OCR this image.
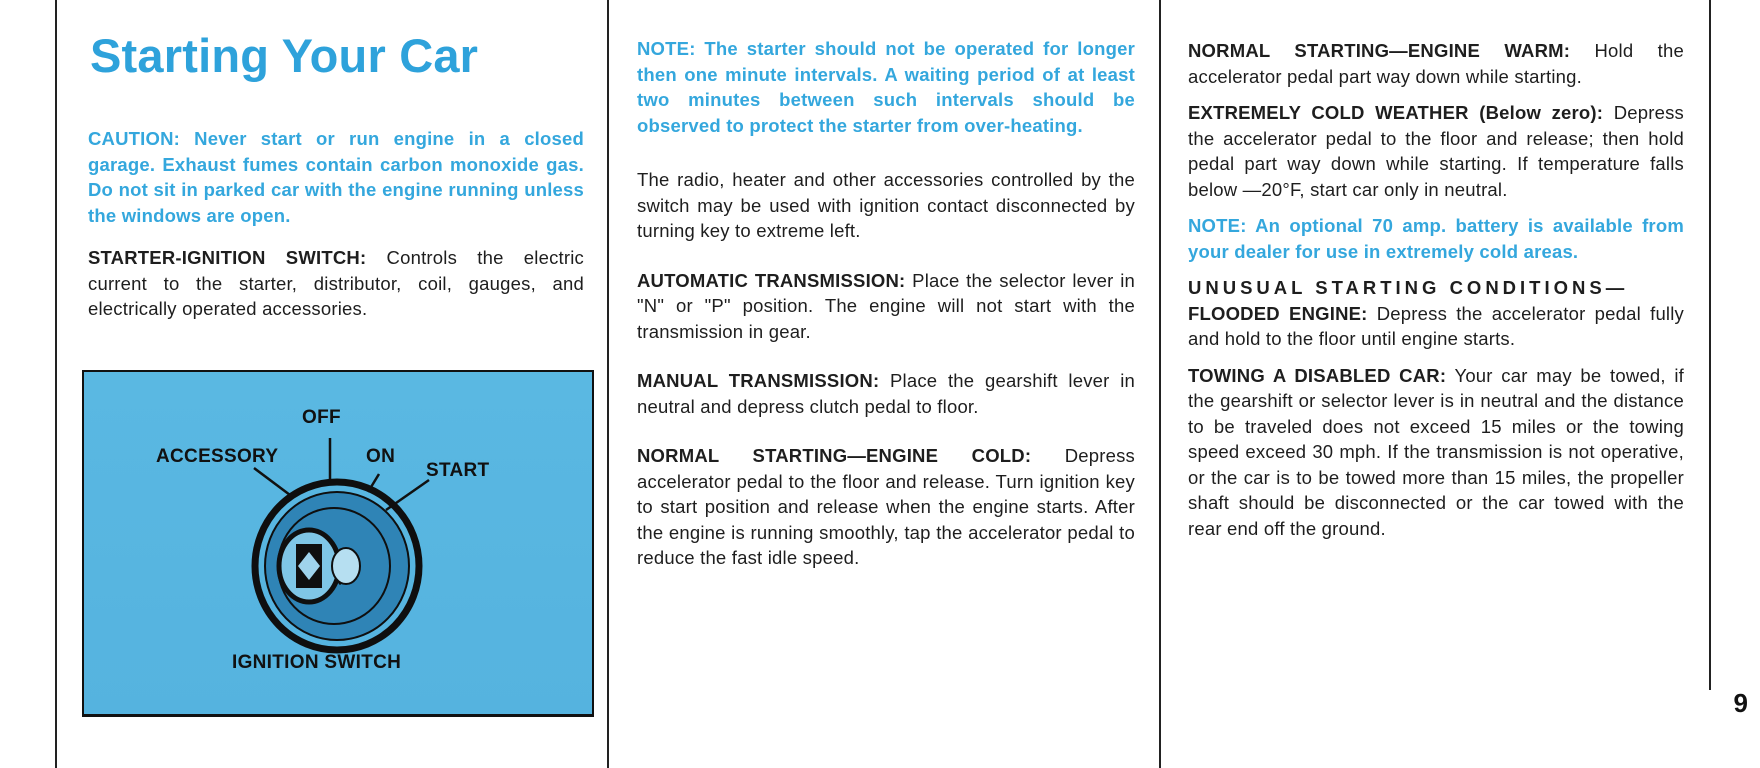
Starting Your Car

CAUTION: Never start or run engine in a closed garage. Exhaust fumes contain carbon monoxide gas. Do not sit in parked car with the engine running unless the windows are open.

STARTER-IGNITION SWITCH: Controls the electric current to the starter, distributor, coil, gauges, and electrically operated accessories.

OFF
ACCESSORY	ON
START
IGNITION SWITCH

NOTE: The starter should not be operated for longer then one minute intervals. A waiting period of at least two minutes between such intervals should be observed to protect the starter from over-heating.

The radio, heater and other accessories controlled by the switch may be used with ignition contact disconnected by turning key to extreme left.

AUTOMATIC TRANSMISSION: Place the selector lever in "N" or "P" position. The engine will not start with the transmission in gear.

MANUAL TRANSMISSION: Place the gearshift lever in neutral and depress clutch pedal to floor.

NORMAL STARTING—ENGINE COLD: Depress accelerator pedal to the floor and release. Turn ignition key to start position and release when the engine starts. After the engine is running smoothly, tap the accelerator pedal to reduce the fast idle speed.

NORMAL STARTING—ENGINE WARM: Hold the accelerator pedal part way down while starting.

EXTREMELY COLD WEATHER (Below zero): Depress the accelerator pedal to the floor and release; then hold pedal part way down while starting. If temperature falls below —20°F, start car only in neutral.

NOTE: An optional 70 amp. battery is available from your dealer for use in extremely cold areas.

UNUSUAL STARTING CONDITIONS—
FLOODED ENGINE: Depress the accelerator pedal fully and hold to the floor until engine starts.

TOWING A DISABLED CAR: Your car may be towed, if the gearshift or selector lever is in neutral and the distance to be traveled does not exceed 15 miles or the towing speed exceed 30 mph. If the transmission is not operative, or the car is to be towed more than 15 miles, the propeller shaft should be disconnected or the car towed with the rear end off the ground.

9
